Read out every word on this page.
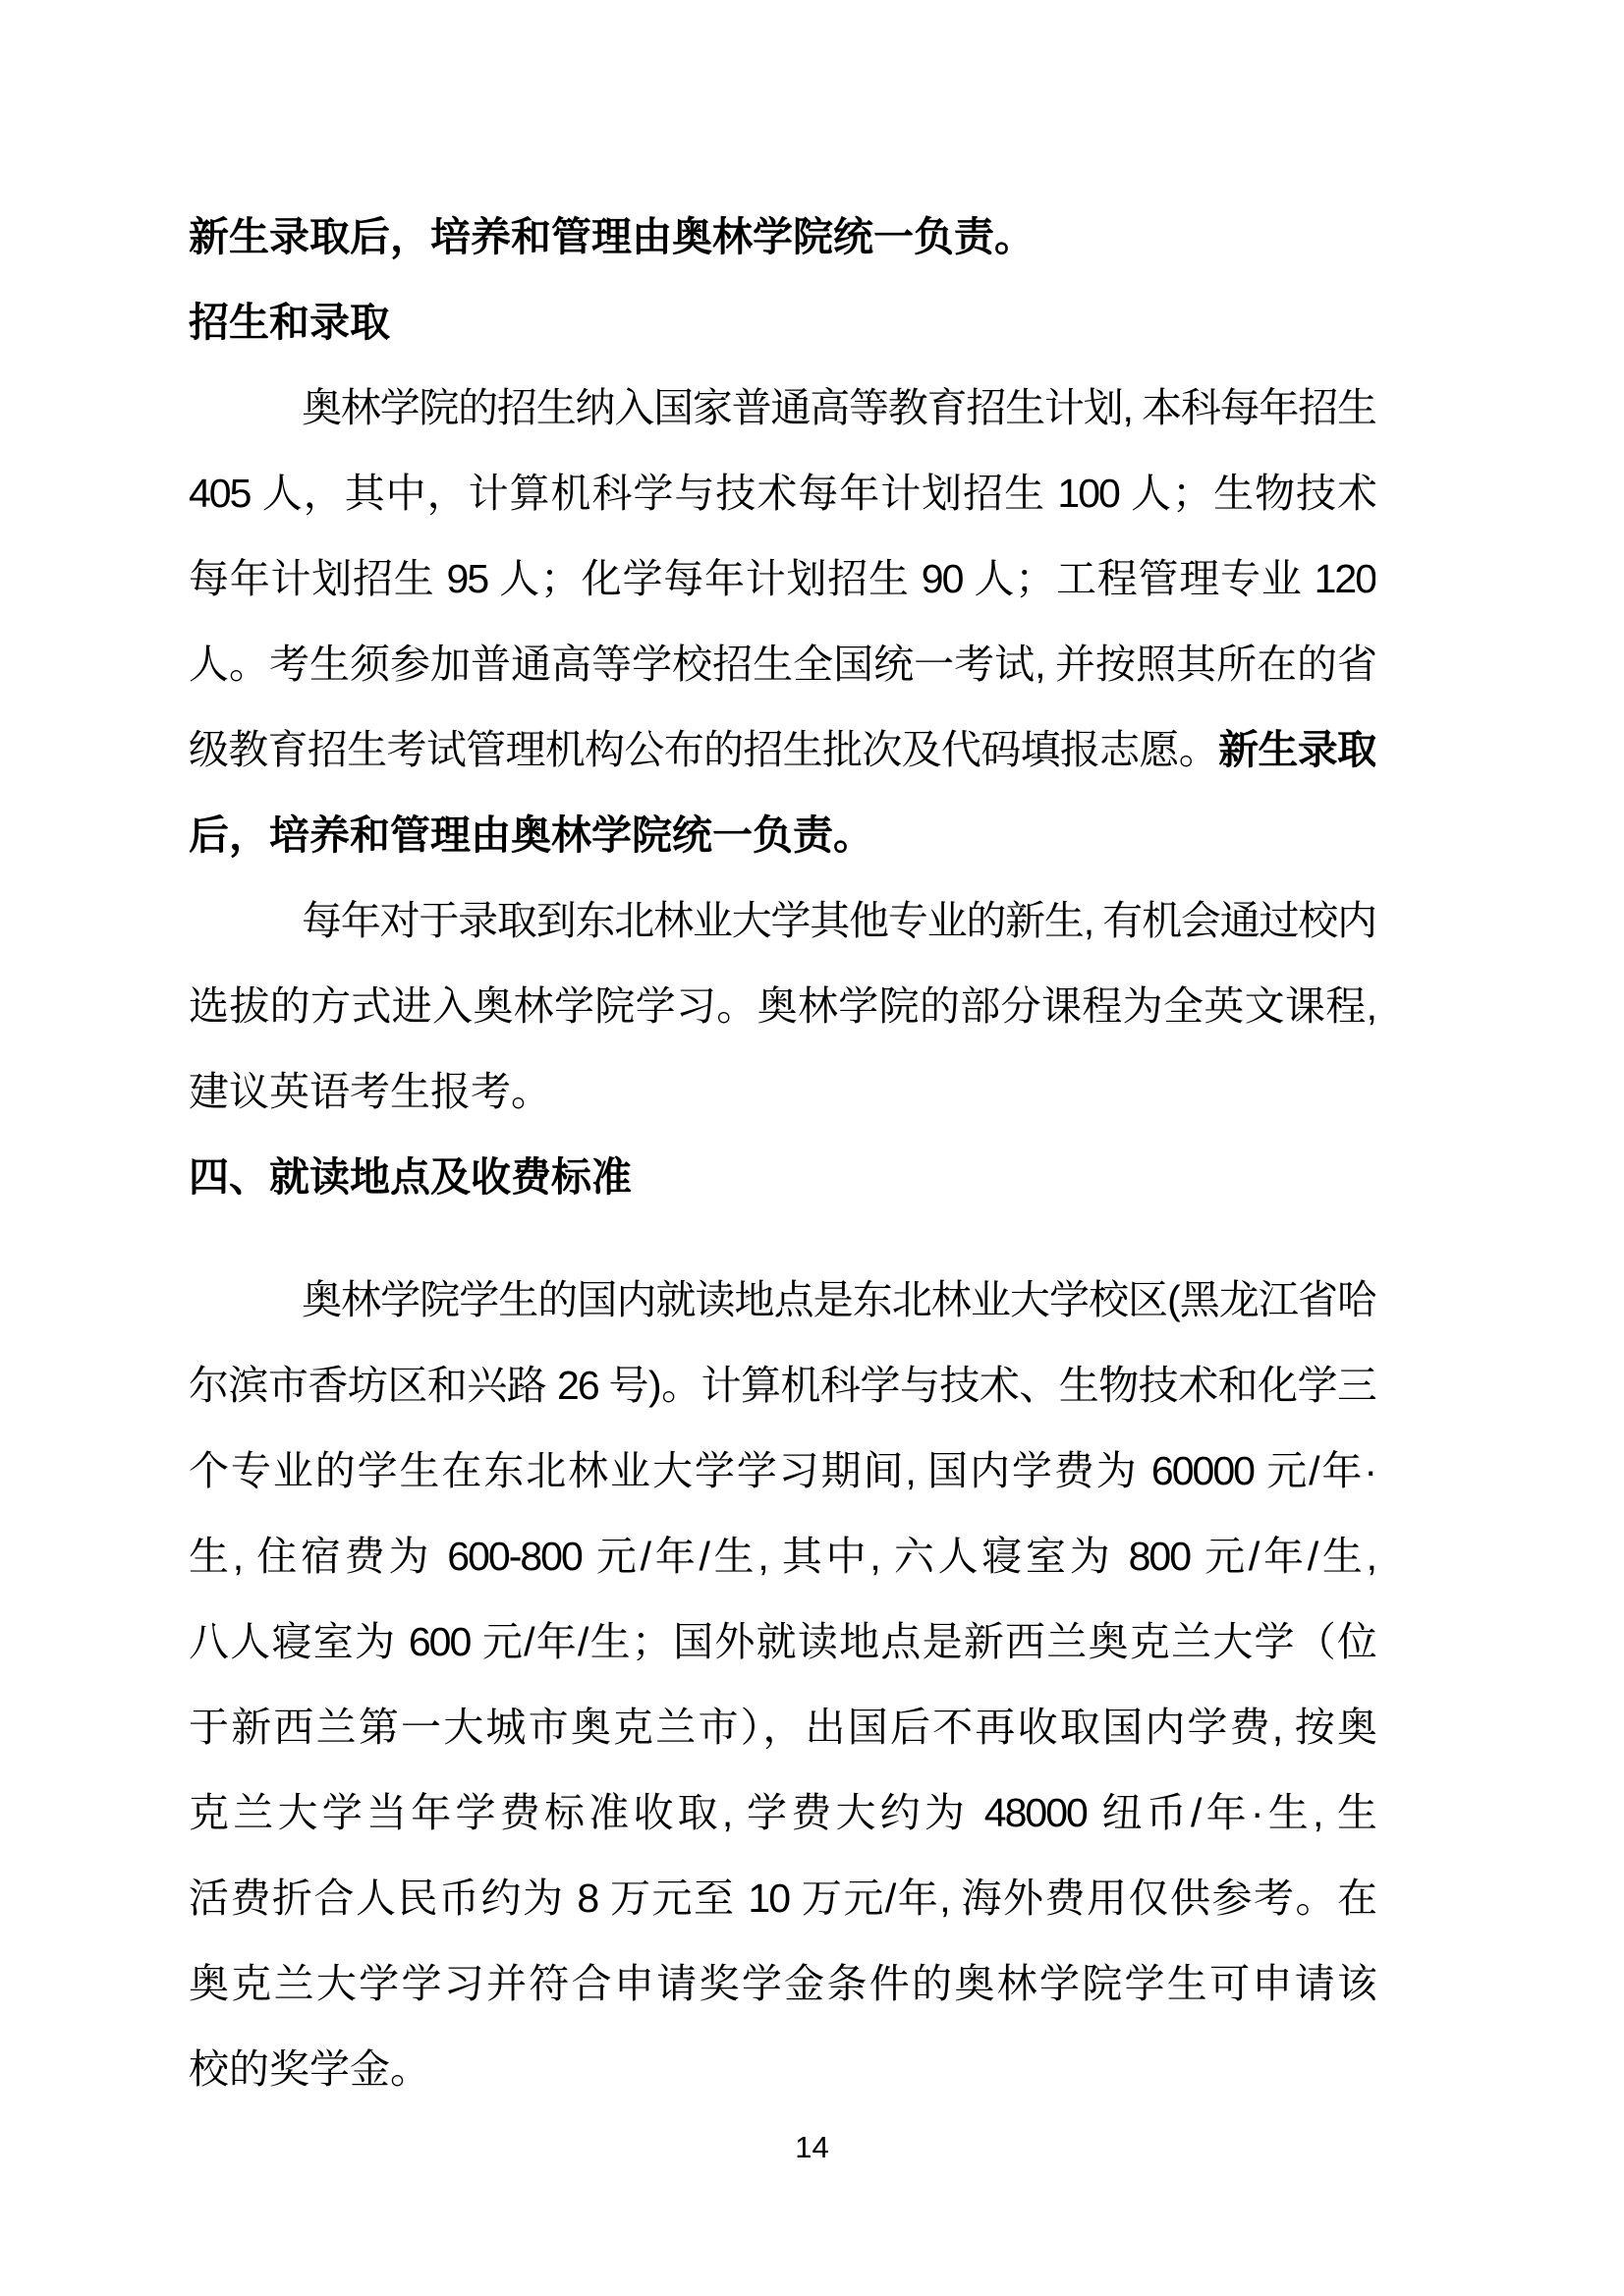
新生录取后，培养和管理由奥林学院统一负责。
招生和录取
奥林学院的招生纳入国家普通高等教育招生计划, 本科每年招生
405 人，其中，计算机科学与技术每年计划招生 100 人；生物技术
每年计划招生 95 人；化学每年计划招生 90 人；工程管理专业 120
人。考生须参加普通高等学校招生全国统一考试, 并按照其所在的省
级教育招生考试管理机构公布的招生批次及代码填报志愿。新生录取
后，培养和管理由奥林学院统一负责。
每年对于录取到东北林业大学其他专业的新生, 有机会通过校内
选拔的方式进入奥林学院学习。奥林学院的部分课程为全英文课程,
建议英语考生报考。
四、就读地点及收费标准
奥林学院学生的国内就读地点是东北林业大学校区(黑龙江省哈
尔滨市香坊区和兴路 26 号)。计算机科学与技术、生物技术和化学三
个专业的学生在东北林业大学学习期间, 国内学费为 60000 元/年·
生, 住宿费为 600-800 元/年/生, 其中, 六人寝室为 800 元/年/生,
八人寝室为 600 元/年/生；国外就读地点是新西兰奥克兰大学（位
于新西兰第一大城市奥克兰市），出国后不再收取国内学费, 按奥
克兰大学当年学费标准收取, 学费大约为 48000 纽币/年·生, 生
活费折合人民币约为 8 万元至 10 万元/年, 海外费用仅供参考。在
奥克兰大学学习并符合申请奖学金条件的奥林学院学生可申请该
校的奖学金。
14
